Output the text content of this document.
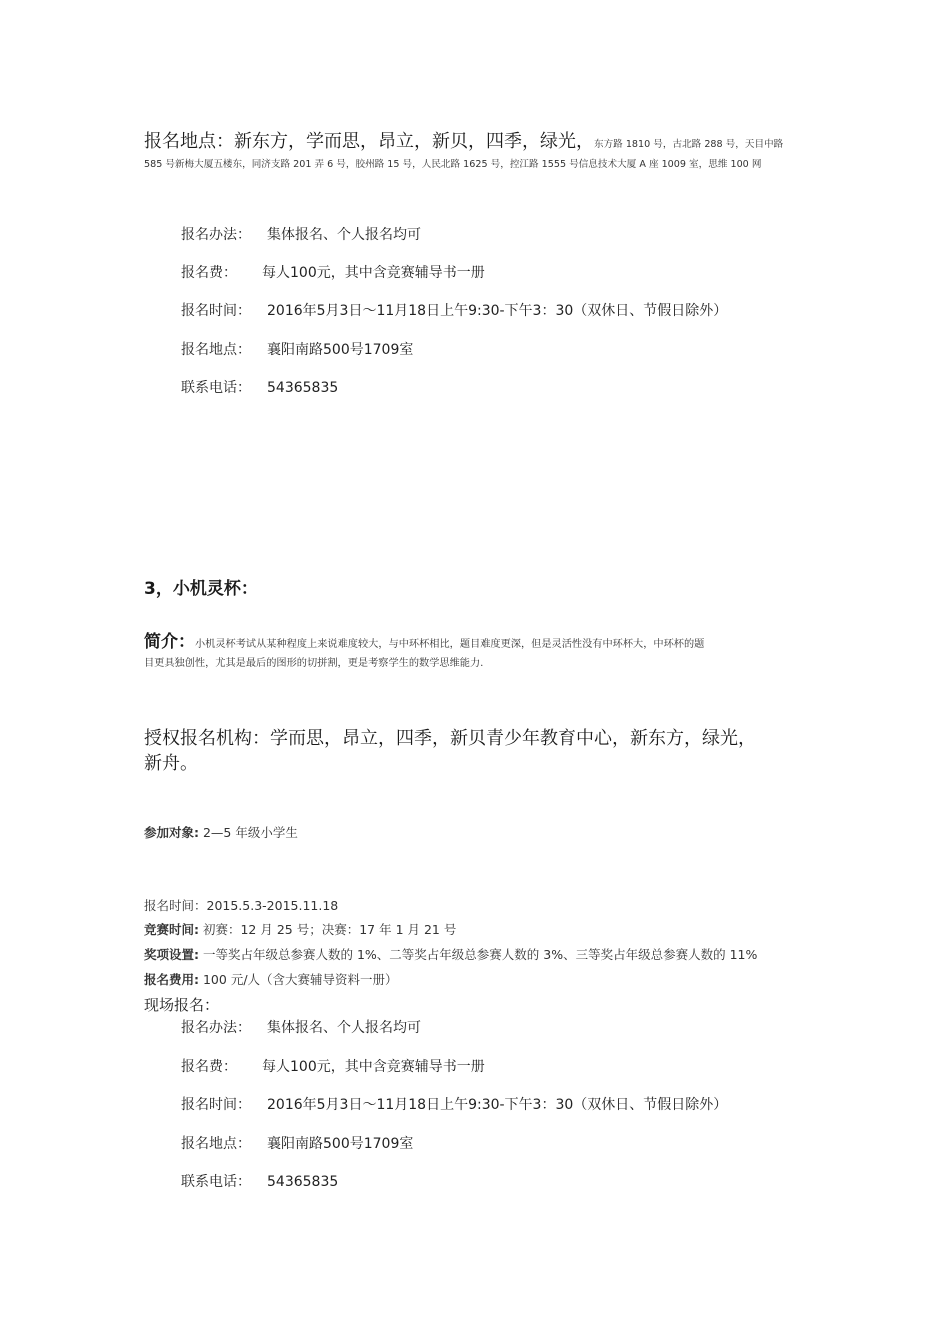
报名地点：新东方，学而思，昂立，新贝，四季，绿光，东方路 1810 号，古北路 288 号，天目中路
585 号新梅大厦五楼东，同济支路 201 弄 6 号，胶州路 15 号，人民北路 1625 号，控江路 1555 号信息技术大厦 A 座 1009 室，思维 100 网
报名办法： 集体报名、个人报名均可
报名费： 每人100元，其中含竞赛辅导书一册
报名时间： 2016年5月3日～11月18日上午9:30-下午3：30（双休日、节假日除外）
报名地点： 襄阳南路500号1709室
联系电话： 54365835
3，小机灵杯：
简介：小机灵杯考试从某种程度上来说难度较大，与中环杯相比，题目难度更深，但是灵活性没有中环杯大，中环杯的题
目更具独创性，尤其是最后的图形的切拼割，更是考察学生的数学思维能力.
授权报名机构：学而思，昂立，四季，新贝青少年教育中心，新东方，绿光，
新舟。
参加对象: 2—5 年级小学生
报名时间：2015.5.3-2015.11.18
竞赛时间: 初赛：12 月 25 号；决赛：17 年 1 月 21 号
奖项设置: 一等奖占年级总参赛人数的 1%、二等奖占年级总参赛人数的 3%、三等奖占年级总参赛人数的 11%
报名费用: 100 元/人（含大赛辅导资料一册）
现场报名：
报名办法： 集体报名、个人报名均可
报名费： 每人100元，其中含竞赛辅导书一册
报名时间： 2016年5月3日～11月18日上午9:30-下午3：30（双休日、节假日除外）
报名地点： 襄阳南路500号1709室
联系电话： 54365835
